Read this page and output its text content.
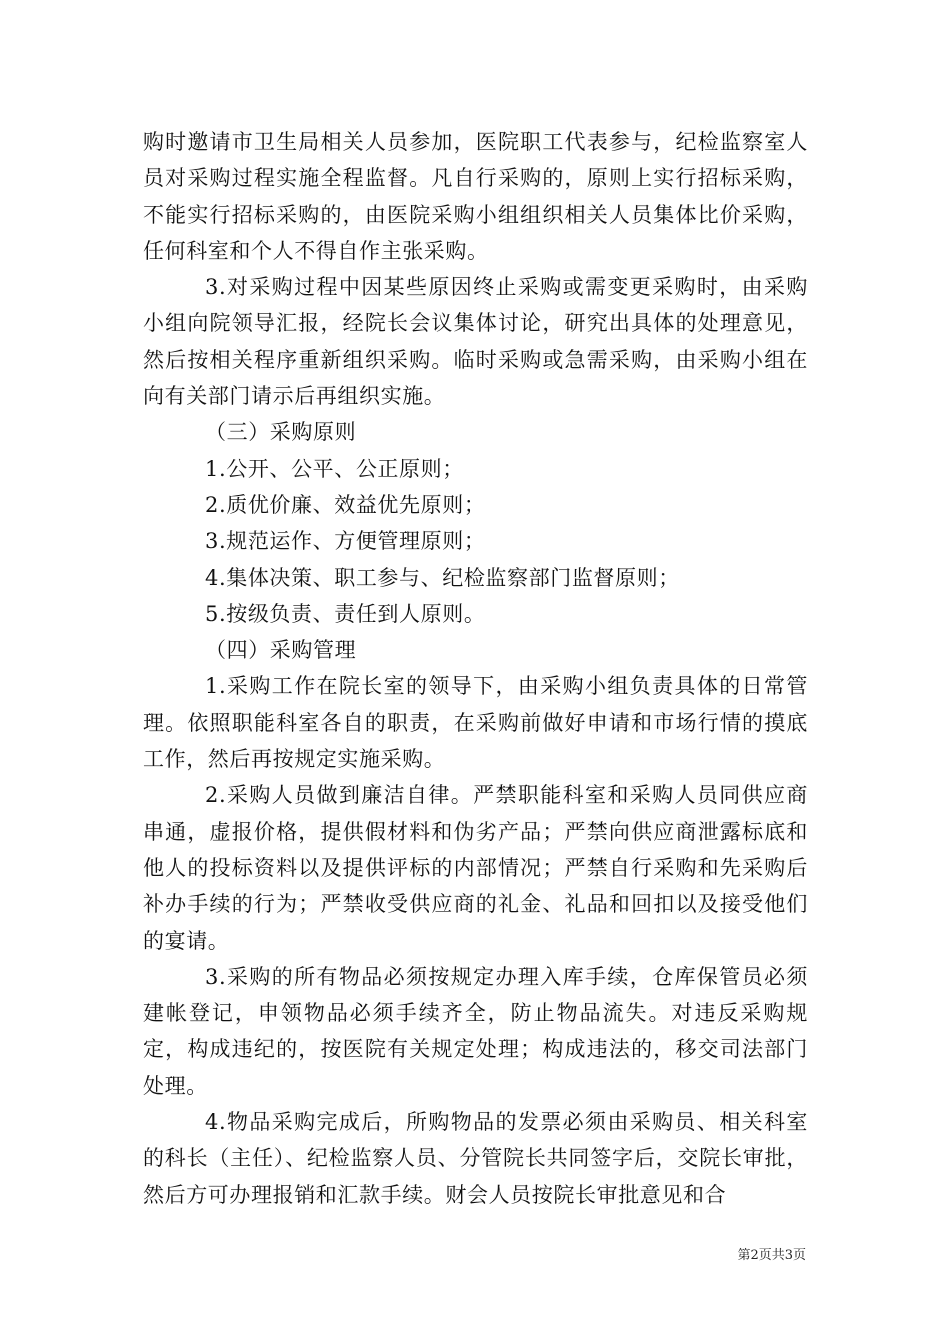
购时邀请市卫生局相关人员参加，医院职工代表参与，纪检监察室人员对采购过程实施全程监督。凡自行采购的，原则上实行招标采购，不能实行招标采购的，由医院采购小组组织相关人员集体比价采购，任何科室和个人不得自作主张采购。

3.对采购过程中因某些原因终止采购或需变更采购时，由采购小组向院领导汇报，经院长会议集体讨论，研究出具体的处理意见，然后按相关程序重新组织采购。临时采购或急需采购，由采购小组在向有关部门请示后再组织实施。

（三）采购原则

1.公开、公平、公正原则；

2.质优价廉、效益优先原则；

3.规范运作、方便管理原则；

4.集体决策、职工参与、纪检监察部门监督原则；

5.按级负责、责任到人原则。

（四）采购管理

1.采购工作在院长室的领导下，由采购小组负责具体的日常管理。依照职能科室各自的职责，在采购前做好申请和市场行情的摸底工作，然后再按规定实施采购。

2.采购人员做到廉洁自律。严禁职能科室和采购人员同供应商串通，虚报价格，提供假材料和伪劣产品；严禁向供应商泄露标底和他人的投标资料以及提供评标的内部情况；严禁自行采购和先采购后补办手续的行为；严禁收受供应商的礼金、礼品和回扣以及接受他们的宴请。

3.采购的所有物品必须按规定办理入库手续，仓库保管员必须建帐登记，申领物品必须手续齐全，防止物品流失。对违反采购规定，构成违纪的，按医院有关规定处理；构成违法的，移交司法部门处理。

4.物品采购完成后，所购物品的发票必须由采购员、相关科室的科长（主任）、纪检监察人员、分管院长共同签字后，交院长审批，然后方可办理报销和汇款手续。财会人员按院长审批意见和合

第2页共3页
